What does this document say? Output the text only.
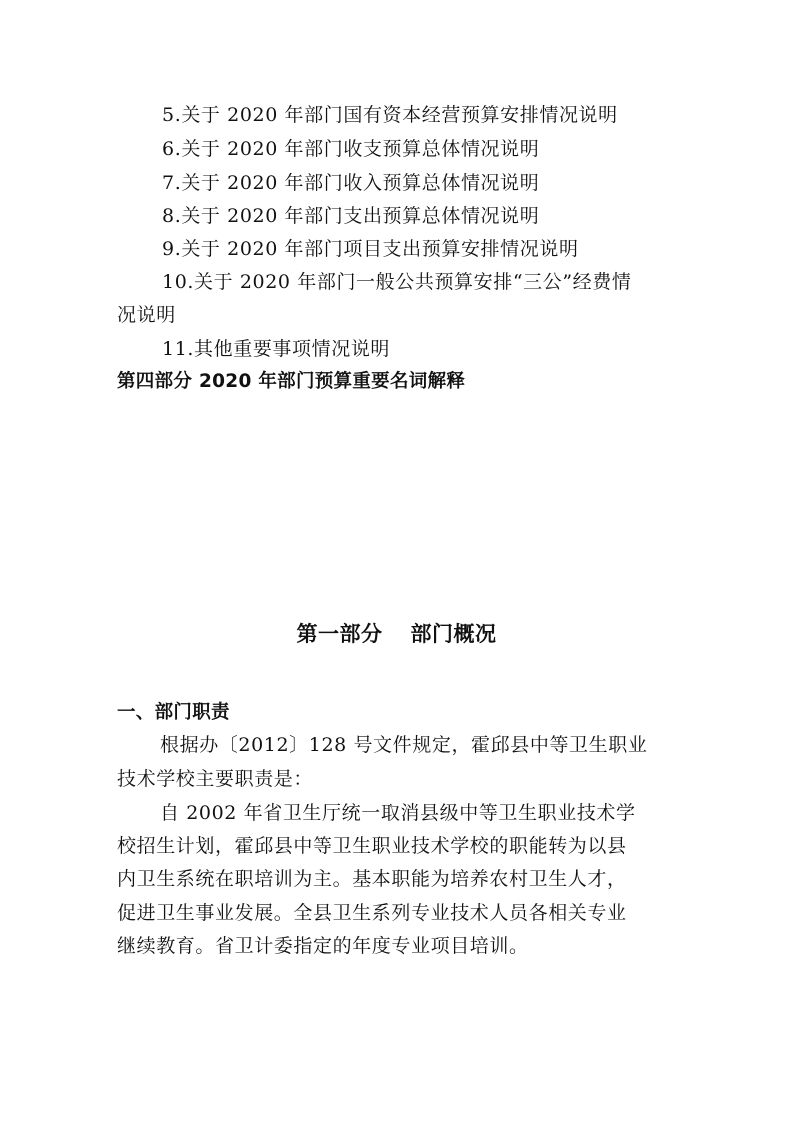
5.关于 2020 年部门国有资本经营预算安排情况说明
6.关于 2020 年部门收支预算总体情况说明
7.关于 2020 年部门收入预算总体情况说明
8.关于 2020 年部门支出预算总体情况说明
9.关于 2020 年部门项目支出预算安排情况说明
10.关于 2020 年部门一般公共预算安排“三公”经费情
况说明
11.其他重要事项情况说明
第四部分 2020 年部门预算重要名词解释
第一部分 部门概况
一、部门职责
根据办〔2012〕128 号文件规定，霍邱县中等卫生职业
技术学校主要职责是：
自 2002 年省卫生厅统一取消县级中等卫生职业技术学
校招生计划，霍邱县中等卫生职业技术学校的职能转为以县
内卫生系统在职培训为主。基本职能为培养农村卫生人才，
促进卫生事业发展。全县卫生系列专业技术人员各相关专业
继续教育。省卫计委指定的年度专业项目培训。
